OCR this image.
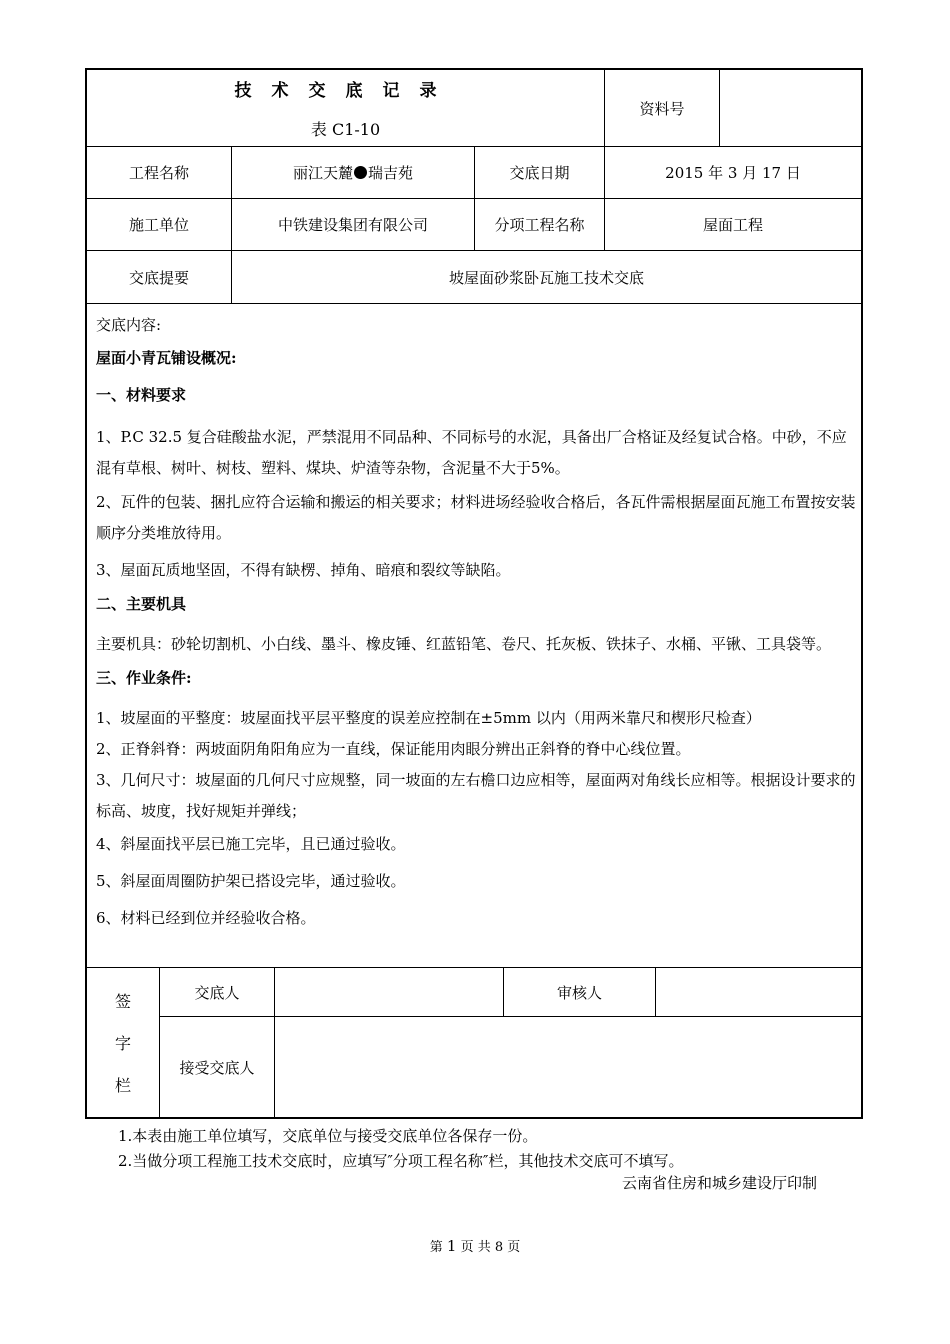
技术交底记录
表 C1-10
资料号
工程名称	丽江天麓 瑞吉苑	交底日期	2015 年 3 月 17 日
施工单位	中铁建设集团有限公司	分项工程名称	屋面工程
交底提要	坡屋面砂浆卧瓦施工技术交底

交底内容:

屋面小青瓦铺设概况:

一、材料要求

1、P.C 32.5 复合硅酸盐水泥，严禁混用不同品种、不同标号的水泥，具备出厂合格证及经复试合格。中砂，不应混有草根、树叶、树枝、塑料、煤块、炉渣等杂物，含泥量不大于5%。

2、瓦件的包装、捆扎应符合运输和搬运的相关要求；材料进场经验收合格后，各瓦件需根据屋面瓦施工布置按安装顺序分类堆放待用。

3、屋面瓦质地坚固，不得有缺楞、掉角、暗痕和裂纹等缺陷。

二、主要机具

主要机具：砂轮切割机、小白线、墨斗、橡皮锤、红蓝铅笔、卷尺、托灰板、铁抹子、水桶、平锹、工具袋等。

三、作业条件:

1、坡屋面的平整度：坡屋面找平层平整度的误差应控制在±5mm 以内（用两米靠尺和楔形尺检查）

2、正脊斜脊：两坡面阴角阳角应为一直线，保证能用肉眼分辨出正斜脊的脊中心线位置。

3、几何尺寸：坡屋面的几何尺寸应规整，同一坡面的左右檐口边应相等，屋面两对角线长应相等。根据设计要求的标高、坡度，找好规矩并弹线；

4、斜屋面找平层已施工完毕，且已通过验收。

5、斜屋面周圈防护架已搭设完毕，通过验收。

6、材料已经到位并经验收合格。

签
字
栏
交底人	审核人
接受交底人
1.本表由施工单位填写，交底单位与接受交底单位各保存一份。
2.当做分项工程施工技术交底时，应填写″分项工程名称″栏，其他技术交底可不填写。
云南省住房和城乡建设厅印制
第 1 页 共 8 页
